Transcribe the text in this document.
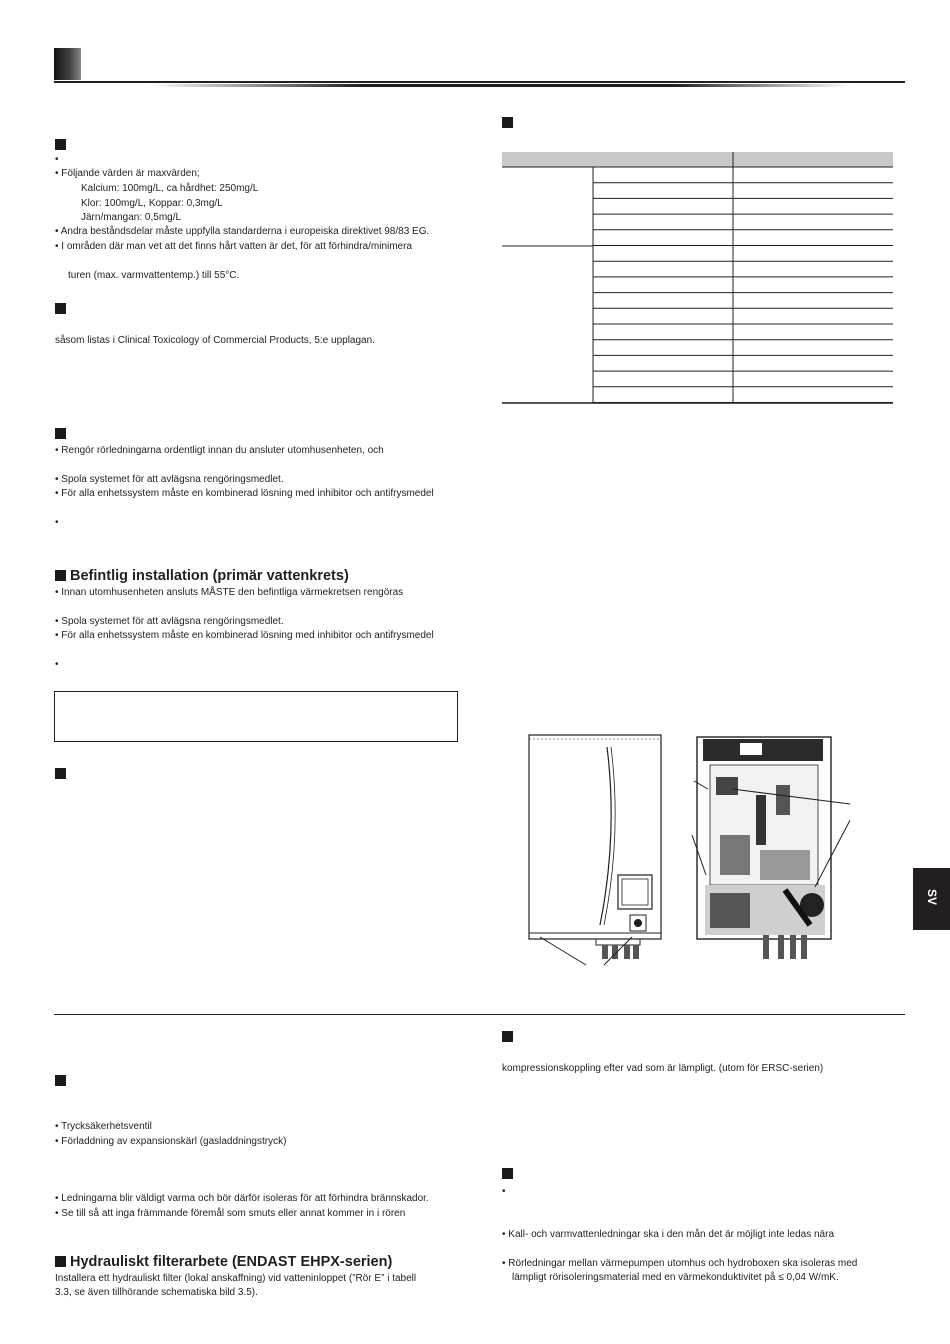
SV
•
• Följande värden är maxvärden;
Kalcium: 100mg/L, ca hårdhet: 250mg/L
Klor: 100mg/L, Koppar: 0,3mg/L
Järn/mangan: 0,5mg/L
• Andra beståndsdelar måste uppfylla standarderna i europeiska direktivet 98/83 EG.
• I områden där man vet att det finns hårt vatten är det, för att förhindra/minimera
turen (max. varmvattentemp.) till 55°C.
såsom listas i Clinical Toxicology of Commercial Products, 5:e upplagan.
• Rengör rörledningarna ordentligt innan du ansluter utomhusenheten, och
• Spola systemet för att avlägsna rengöringsmedlet.
• För alla enhetssystem måste en kombinerad lösning med inhibitor och antifrysmedel
•
Befintlig installation (primär vattenkrets)
• Innan utomhusenheten ansluts MÅSTE den befintliga värmekretsen rengöras
• Spola systemet för att avlägsna rengöringsmedlet.
• För alla enhetssystem måste en kombinerad lösning med inhibitor och antifrysmedel
•
• Trycksäkerhetsventil
• Förladdning av expansionskärl (gasladdningstryck)
• Ledningarna blir väldigt varma och bör därför isoleras för att förhindra brännskador.
• Se till så att inga främmande föremål som smuts eller annat kommer in i rören
Hydrauliskt filterarbete (ENDAST EHPX-serien)
Installera ett hydrauliskt filter (lokal anskaffning) vid vatteninloppet (”Rör E” i tabell
3.3, se även tillhörande schematiska bild 3.5).
kompressionskoppling efter vad som är lämpligt. (utom för ERSC-serien)
•
• Kall- och varmvattenledningar ska i den mån det är möjligt inte ledas nära
• Rörledningar mellan värmepumpen utomhus och hydroboxen ska isoleras med
lämpligt rörisoleringsmaterial med en värmekonduktivitet på ≤ 0,04 W/mK.
